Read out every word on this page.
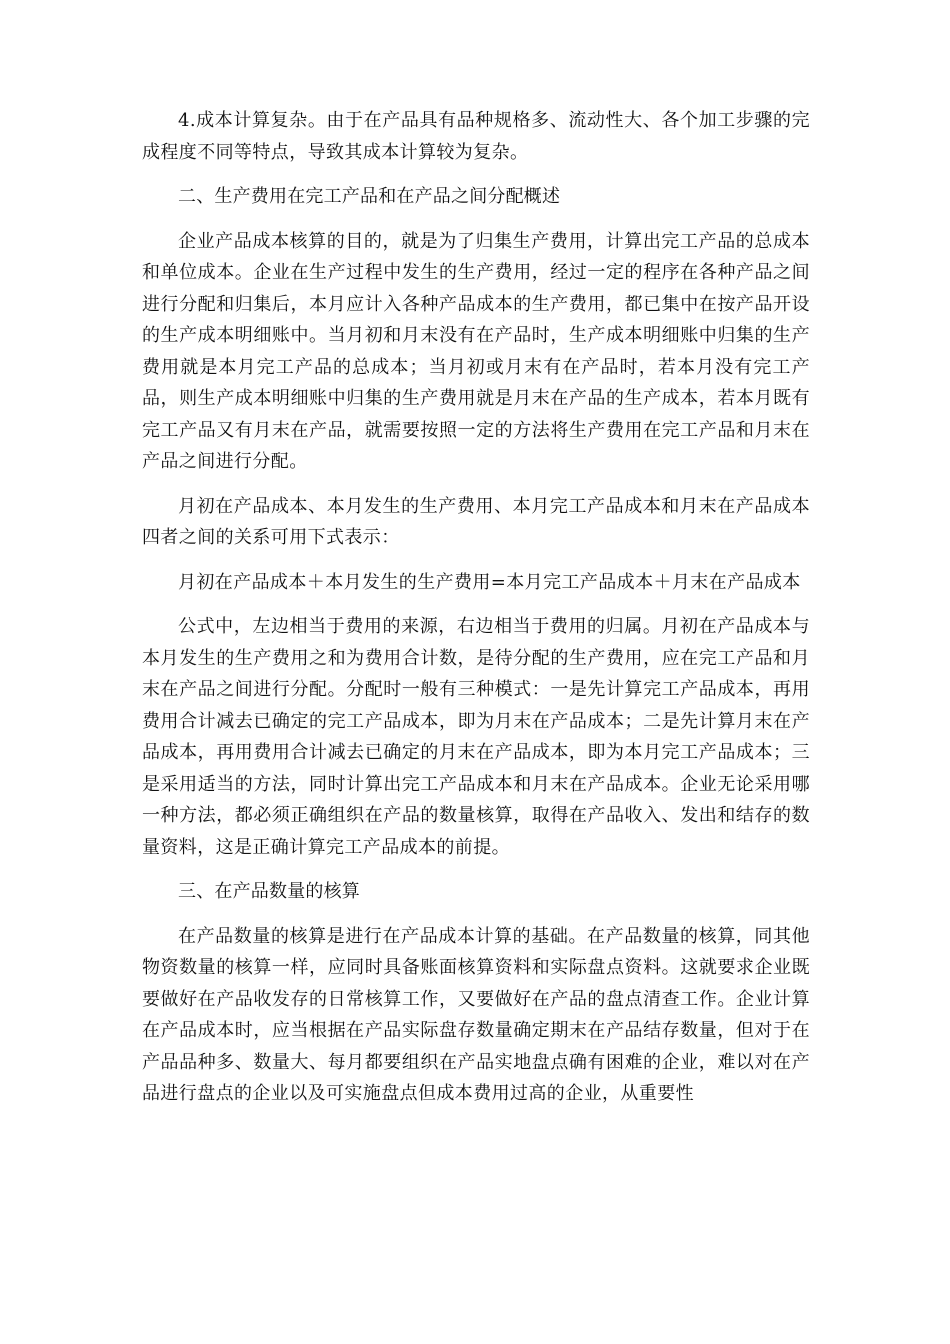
4.成本计算复杂。由于在产品具有品种规格多、流动性大、各个加工步骤的完成程度不同等特点，导致其成本计算较为复杂。

二、生产费用在完工产品和在产品之间分配概述

企业产品成本核算的目的，就是为了归集生产费用，计算出完工产品的总成本和单位成本。企业在生产过程中发生的生产费用，经过一定的程序在各种产品之间进行分配和归集后，本月应计入各种产品成本的生产费用，都已集中在按产品开设的生产成本明细账中。当月初和月末没有在产品时，生产成本明细账中归集的生产费用就是本月完工产品的总成本；当月初或月末有在产品时，若本月没有完工产品，则生产成本明细账中归集的生产费用就是月末在产品的生产成本，若本月既有完工产品又有月末在产品，就需要按照一定的方法将生产费用在完工产品和月末在产品之间进行分配。

月初在产品成本、本月发生的生产费用、本月完工产品成本和月末在产品成本四者之间的关系可用下式表示：

月初在产品成本＋本月发生的生产费用=本月完工产品成本＋月末在产品成本

公式中，左边相当于费用的来源，右边相当于费用的归属。月初在产品成本与本月发生的生产费用之和为费用合计数，是待分配的生产费用，应在完工产品和月末在产品之间进行分配。分配时一般有三种模式：一是先计算完工产品成本，再用费用合计减去已确定的完工产品成本，即为月末在产品成本；二是先计算月末在产品成本，再用费用合计减去已确定的月末在产品成本，即为本月完工产品成本；三是采用适当的方法，同时计算出完工产品成本和月末在产品成本。企业无论采用哪一种方法，都必须正确组织在产品的数量核算，取得在产品收入、发出和结存的数量资料，这是正确计算完工产品成本的前提。

三、在产品数量的核算

在产品数量的核算是进行在产品成本计算的基础。在产品数量的核算，同其他物资数量的核算一样，应同时具备账面核算资料和实际盘点资料。这就要求企业既要做好在产品收发存的日常核算工作，又要做好在产品的盘点清查工作。企业计算在产品成本时，应当根据在产品实际盘存数量确定期末在产品结存数量，但对于在产品品种多、数量大、每月都要组织在产品实地盘点确有困难的企业，难以对在产品进行盘点的企业以及可实施盘点但成本费用过高的企业，从重要性
